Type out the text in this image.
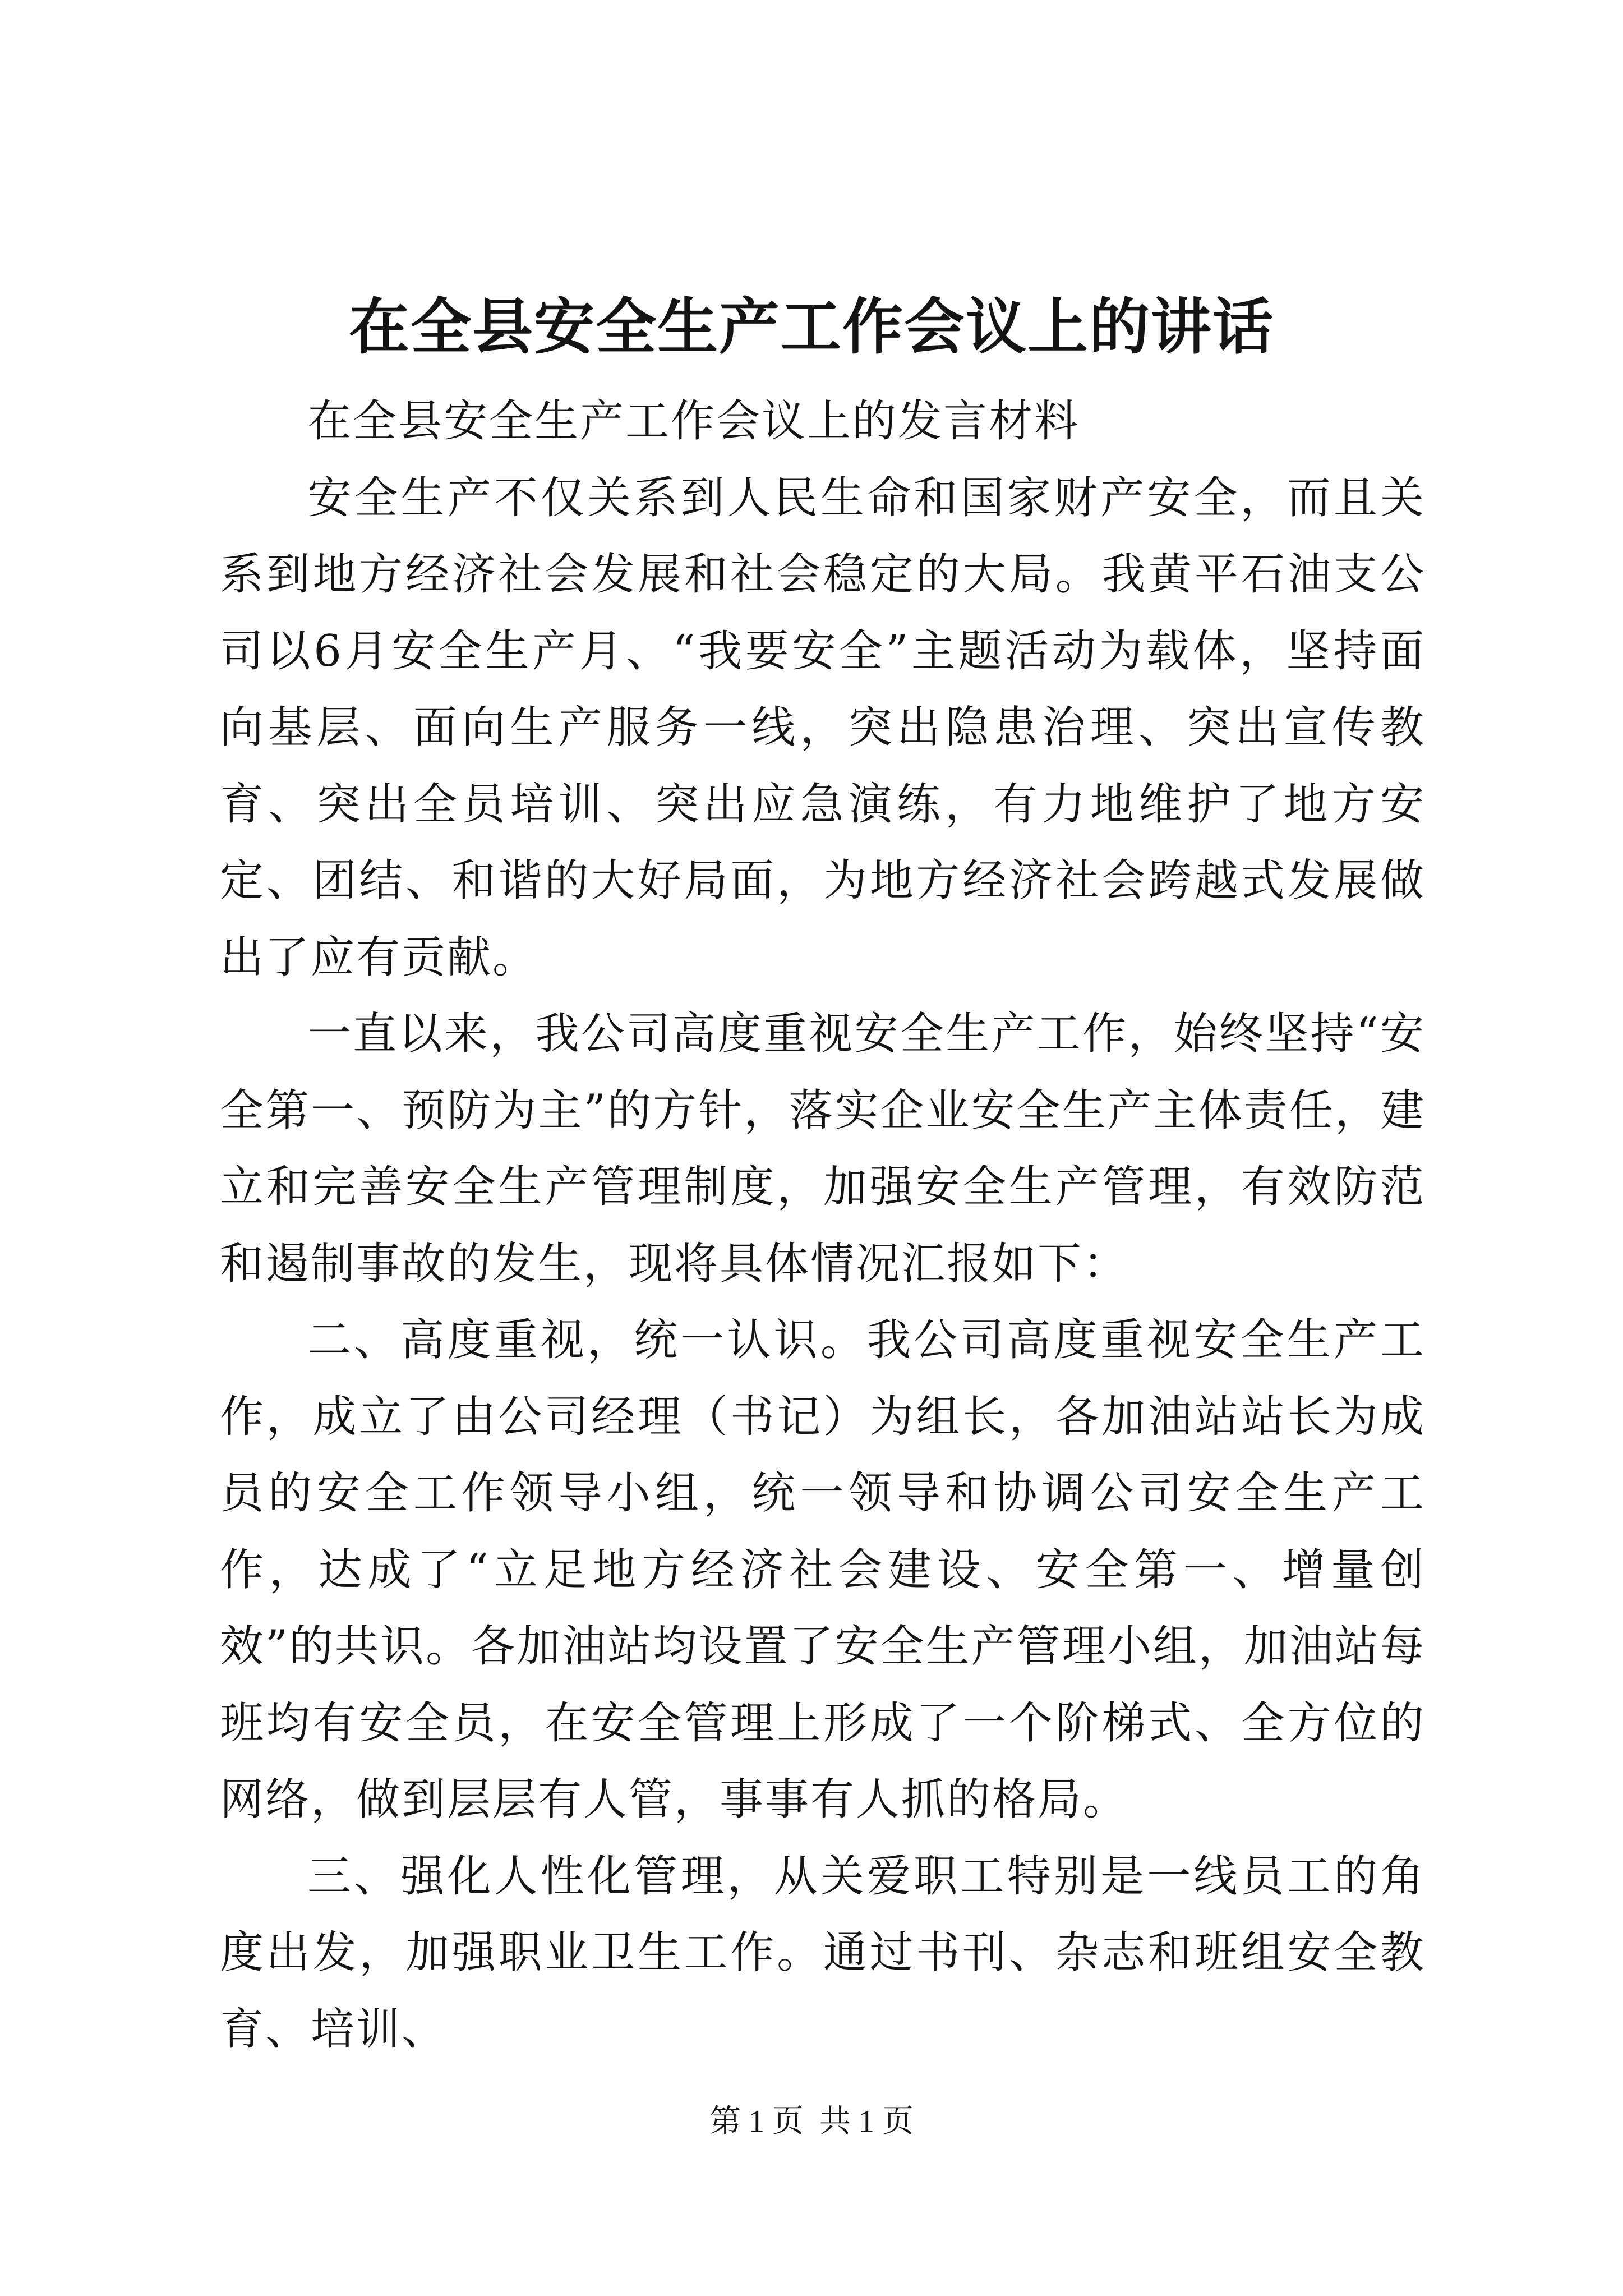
在全县安全生产工作会议上的讲话

在全县安全生产工作会议上的发言材料

安全生产不仅关系到人民生命和国家财产安全，而且关系到地方经济社会发展和社会稳定的大局。我黄平石油支公司以6月安全生产月、“我要安全”主题活动为载体，坚持面向基层、面向生产服务一线，突出隐患治理、突出宣传教育、突出全员培训、突出应急演练，有力地维护了地方安定、团结、和谐的大好局面，为地方经济社会跨越式发展做出了应有贡献。

一直以来，我公司高度重视安全生产工作，始终坚持“安全第一、预防为主”的方针，落实企业安全生产主体责任，建立和完善安全生产管理制度，加强安全生产管理，有效防范和遏制事故的发生，现将具体情况汇报如下：

二、高度重视，统一认识。我公司高度重视安全生产工作，成立了由公司经理（书记）为组长，各加油站站长为成员的安全工作领导小组，统一领导和协调公司安全生产工作，达成了“立足地方经济社会建设、安全第一、增量创效”的共识。各加油站均设置了安全生产管理小组，加油站每班均有安全员，在安全管理上形成了一个阶梯式、全方位的网络，做到层层有人管，事事有人抓的格局。

三、强化人性化管理，从关爱职工特别是一线员工的角度出发，加强职业卫生工作。通过书刊、杂志和班组安全教育、培训、

第 1 页  共 1 页
